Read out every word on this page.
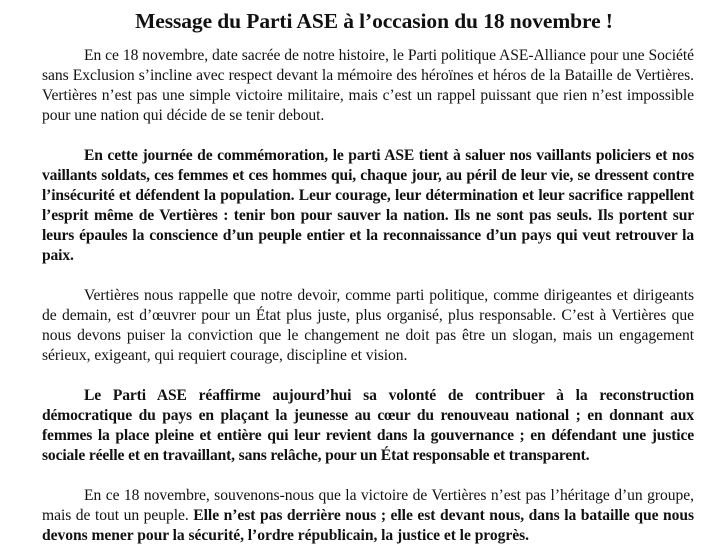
Message du Parti ASE à l’occasion du 18 novembre !

En ce 18 novembre, date sacrée de notre histoire, le Parti politique ASE-Alliance pour une Société sans Exclusion s’incline avec respect devant la mémoire des héroïnes et héros de la Bataille de Vertières. Vertières n’est pas une simple victoire militaire, mais c’est un rappel puissant que rien n’est impossible pour une nation qui décide de se tenir debout.

En cette journée de commémoration, le parti ASE tient à saluer nos vaillants policiers et nos vaillants soldats, ces femmes et ces hommes qui, chaque jour, au péril de leur vie, se dressent contre l’insécurité et défendent la population. Leur courage, leur détermination et leur sacrifice rappellent l’esprit même de Vertières : tenir bon pour sauver la nation. Ils ne sont pas seuls. Ils portent sur leurs épaules la conscience d’un peuple entier et la reconnaissance d’un pays qui veut retrouver la paix.

Vertières nous rappelle que notre devoir, comme parti politique, comme dirigeantes et dirigeants de demain, est d’œuvrer pour un État plus juste, plus organisé, plus responsable. C’est à Vertières que nous devons puiser la conviction que le changement ne doit pas être un slogan, mais un engagement sérieux, exigeant, qui requiert courage, discipline et vision.

Le Parti ASE réaffirme aujourd’hui sa volonté de contribuer à la reconstruction démocratique du pays en plaçant la jeunesse au cœur du renouveau national ; en donnant aux femmes la place pleine et entière qui leur revient dans la gouvernance ; en défendant une justice sociale réelle et en travaillant, sans relâche, pour un État responsable et transparent.

En ce 18 novembre, souvenons-nous que la victoire de Vertières n’est pas l’héritage d’un groupe, mais de tout un peuple. Elle n’est pas derrière nous ; elle est devant nous, dans la bataille que nous devons mener pour la sécurité, l’ordre républicain, la justice et le progrès.
